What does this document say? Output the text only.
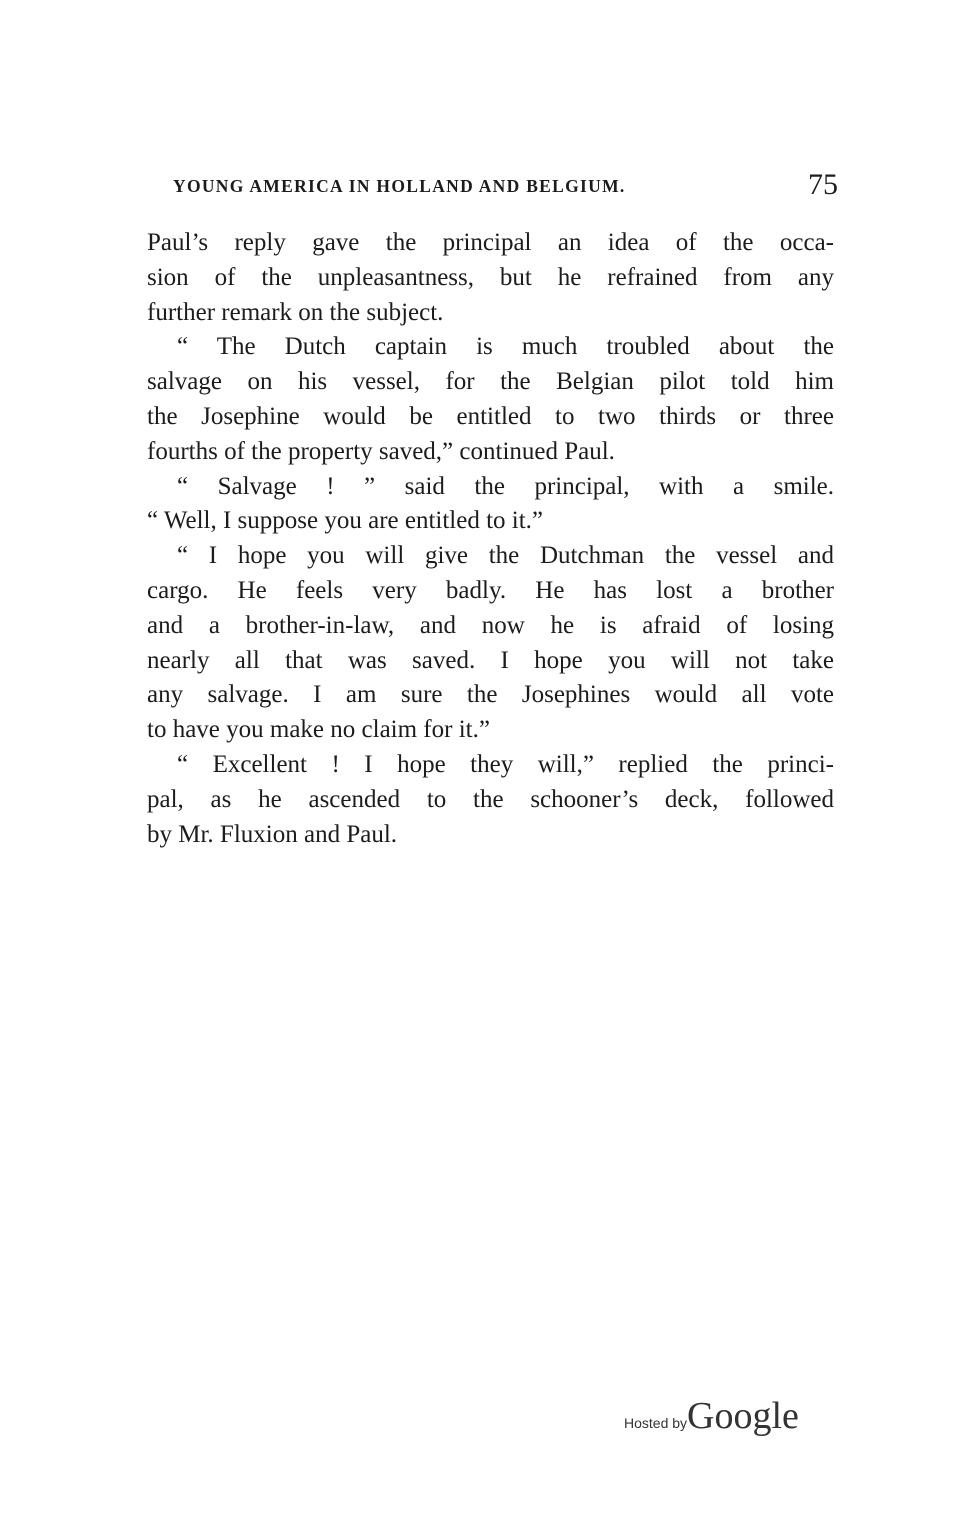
YOUNG AMERICA IN HOLLAND AND BELGIUM.	75
Paul’s reply gave the principal an idea of the occa-
sion of the unpleasantness, but he refrained from any
further remark on the subject.
“ The Dutch captain is much troubled about the
salvage on his vessel, for the Belgian pilot told him
the Josephine would be entitled to two thirds or three
fourths of the property saved,” continued Paul.
“ Salvage ! ” said the principal, with a smile.
“ Well, I suppose you are entitled to it.”
“ I hope you will give the Dutchman the vessel and
cargo. He feels very badly. He has lost a brother
and a brother-in-law, and now he is afraid of losing
nearly all that was saved. I hope you will not take
any salvage. I am sure the Josephines would all vote
to have you make no claim for it.”
“ Excellent ! I hope they will,” replied the princi-
pal, as he ascended to the schooner’s deck, followed
by Mr. Fluxion and Paul.
Hosted byGoogle
